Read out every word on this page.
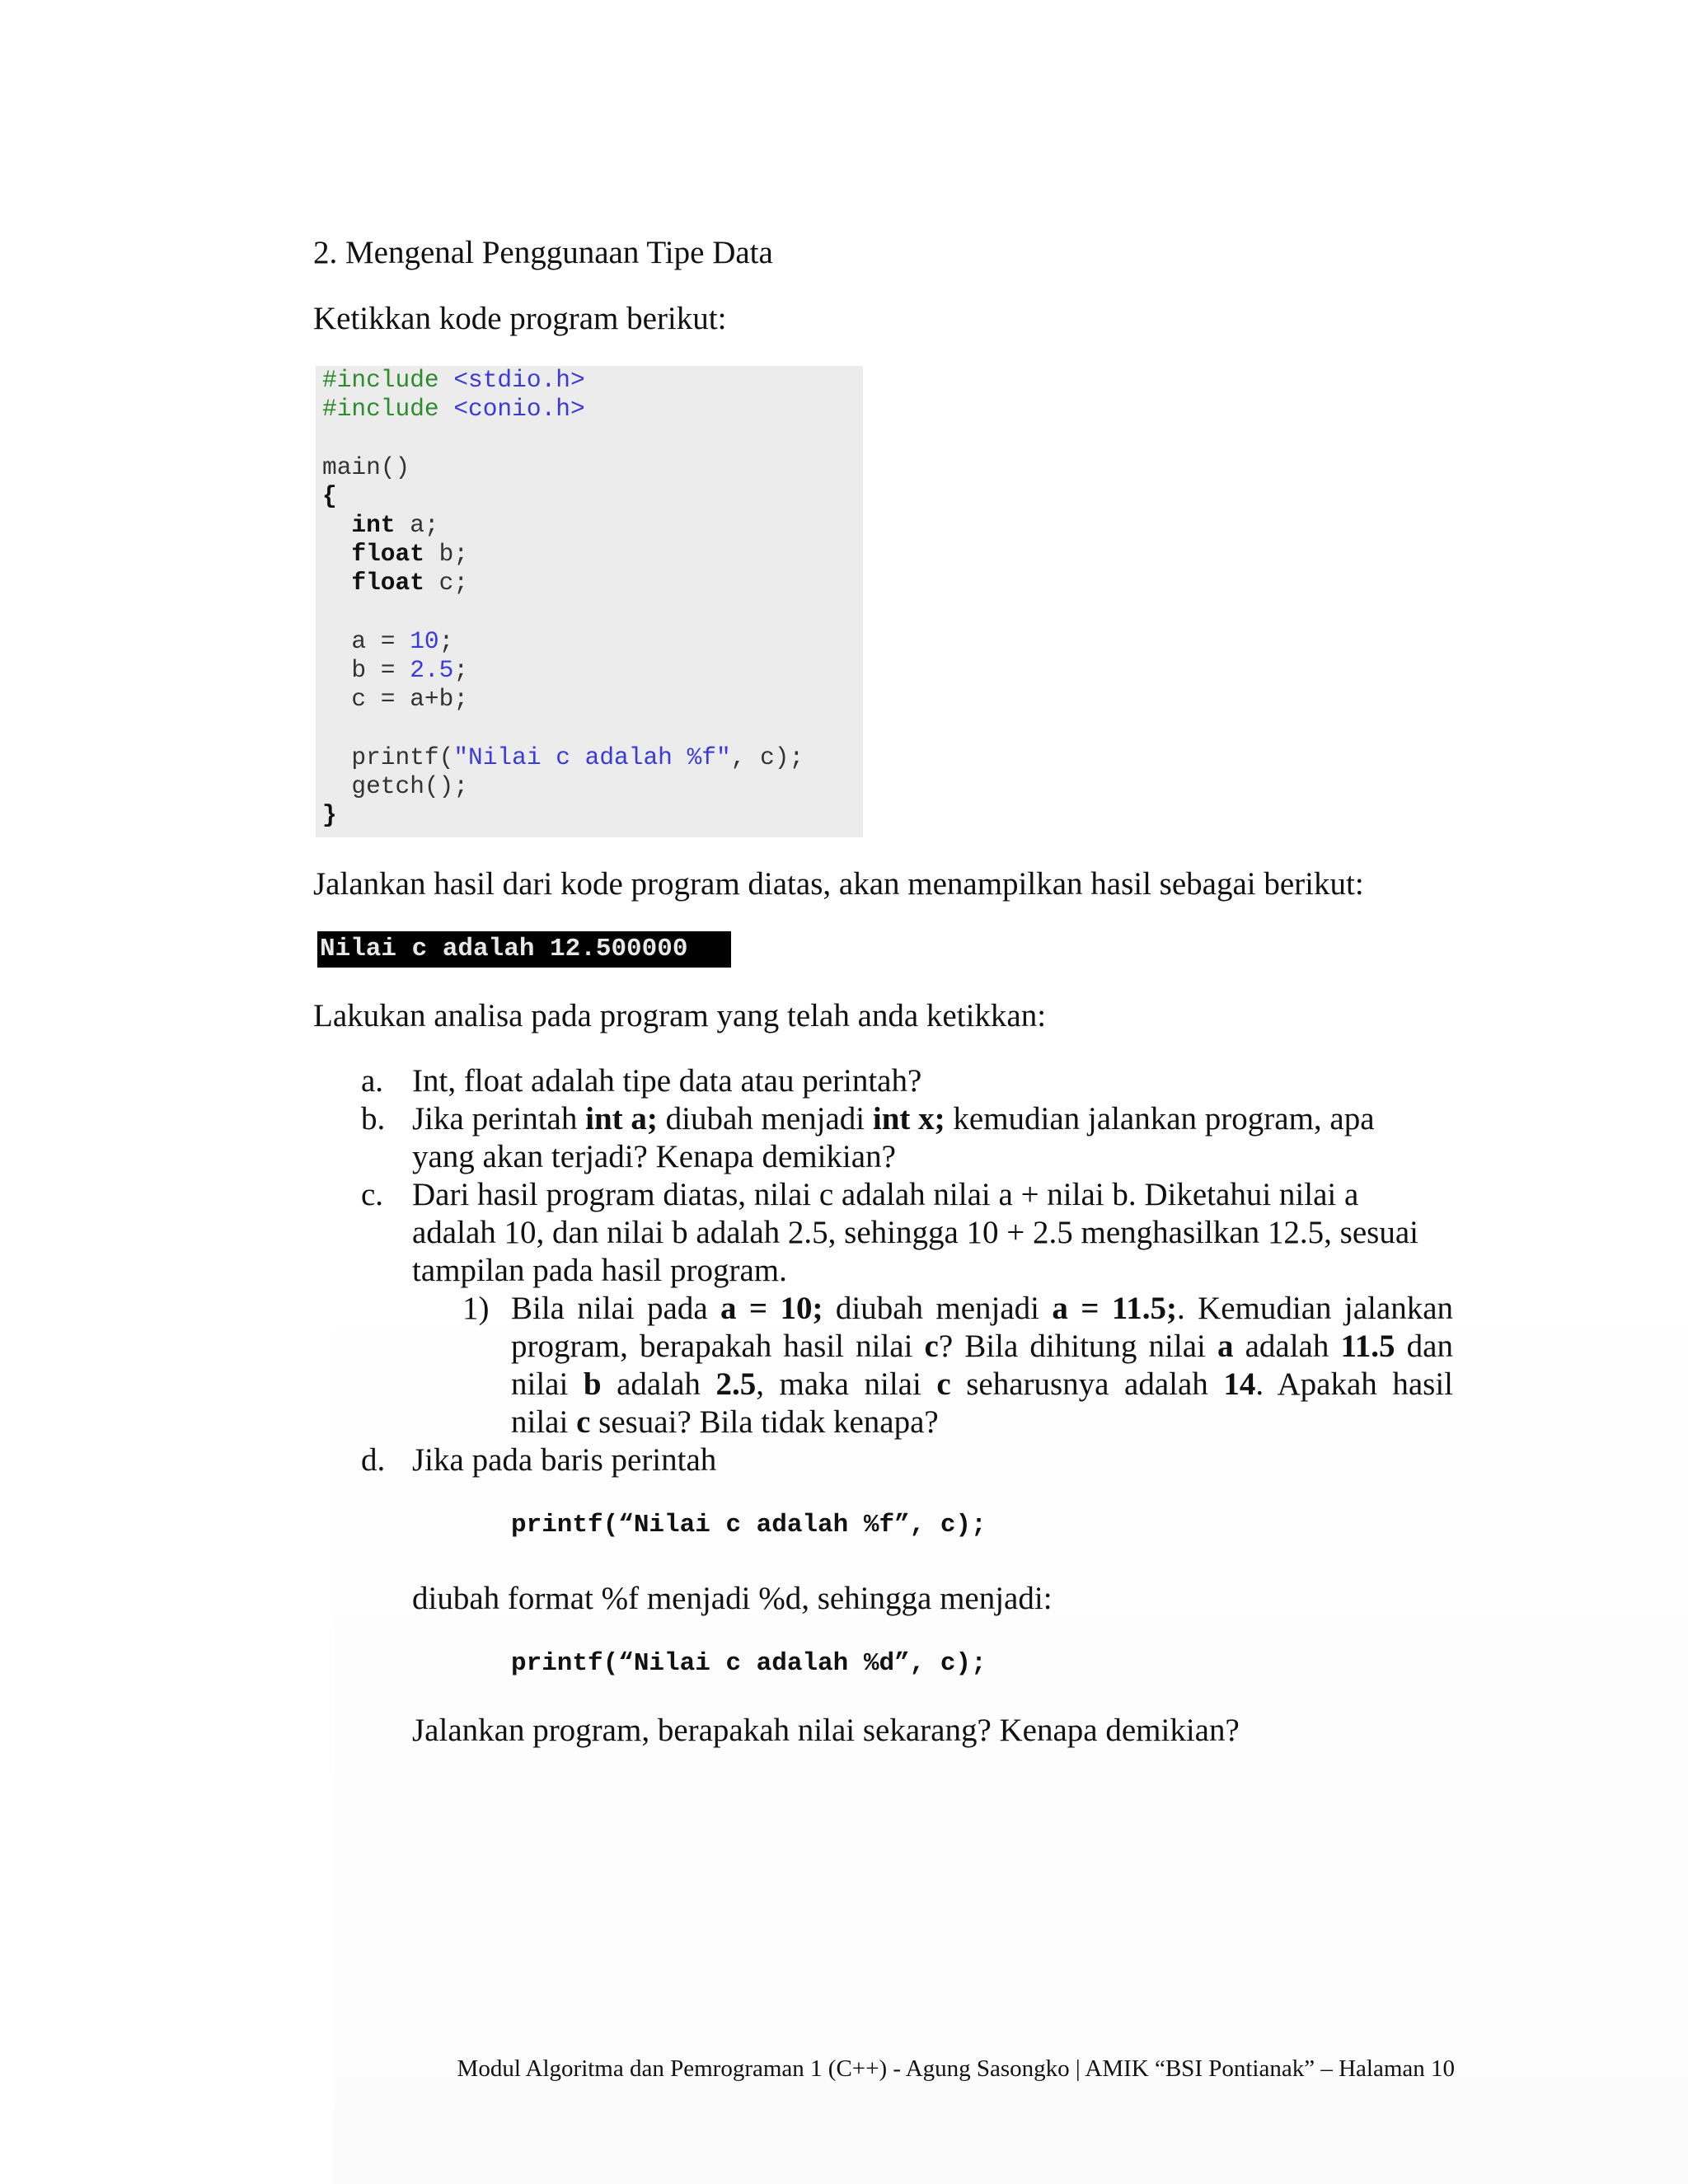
2. Mengenal Penggunaan Tipe Data
Ketikkan kode program berikut:
#include <stdio.h>
#include <conio.h>

main()
{
int a;
float b;
float c;

a = 10;
b = 2.5;
c = a+b;

printf("Nilai c adalah %f", c);
getch();
}
Jalankan hasil dari kode program diatas, akan menampilkan hasil sebagai berikut:
Nilai c adalah 12.500000
Lakukan analisa pada program yang telah anda ketikkan:
a. Int, float adalah tipe data atau perintah?
b. Jika perintah int a; diubah menjadi int x; kemudian jalankan program, apa
yang akan terjadi? Kenapa demikian?
c. Dari hasil program diatas, nilai c adalah nilai a + nilai b. Diketahui nilai a
adalah 10, dan nilai b adalah 2.5, sehingga 10 + 2.5 menghasilkan 12.5, sesuai
tampilan pada hasil program.
1) Bila nilai pada a = 10; diubah menjadi a = 11.5;. Kemudian jalankan
program, berapakah hasil nilai c? Bila dihitung nilai a adalah 11.5 dan
nilai b adalah 2.5, maka nilai c seharusnya adalah 14. Apakah hasil
nilai c sesuai? Bila tidak kenapa?
d. Jika pada baris perintah
printf(“Nilai c adalah %f”, c);
diubah format %f menjadi %d, sehingga menjadi:
printf(“Nilai c adalah %d”, c);
Jalankan program, berapakah nilai sekarang? Kenapa demikian?
Modul Algoritma dan Pemrograman 1 (C++) - Agung Sasongko | AMIK “BSI Pontianak” – Halaman 10
